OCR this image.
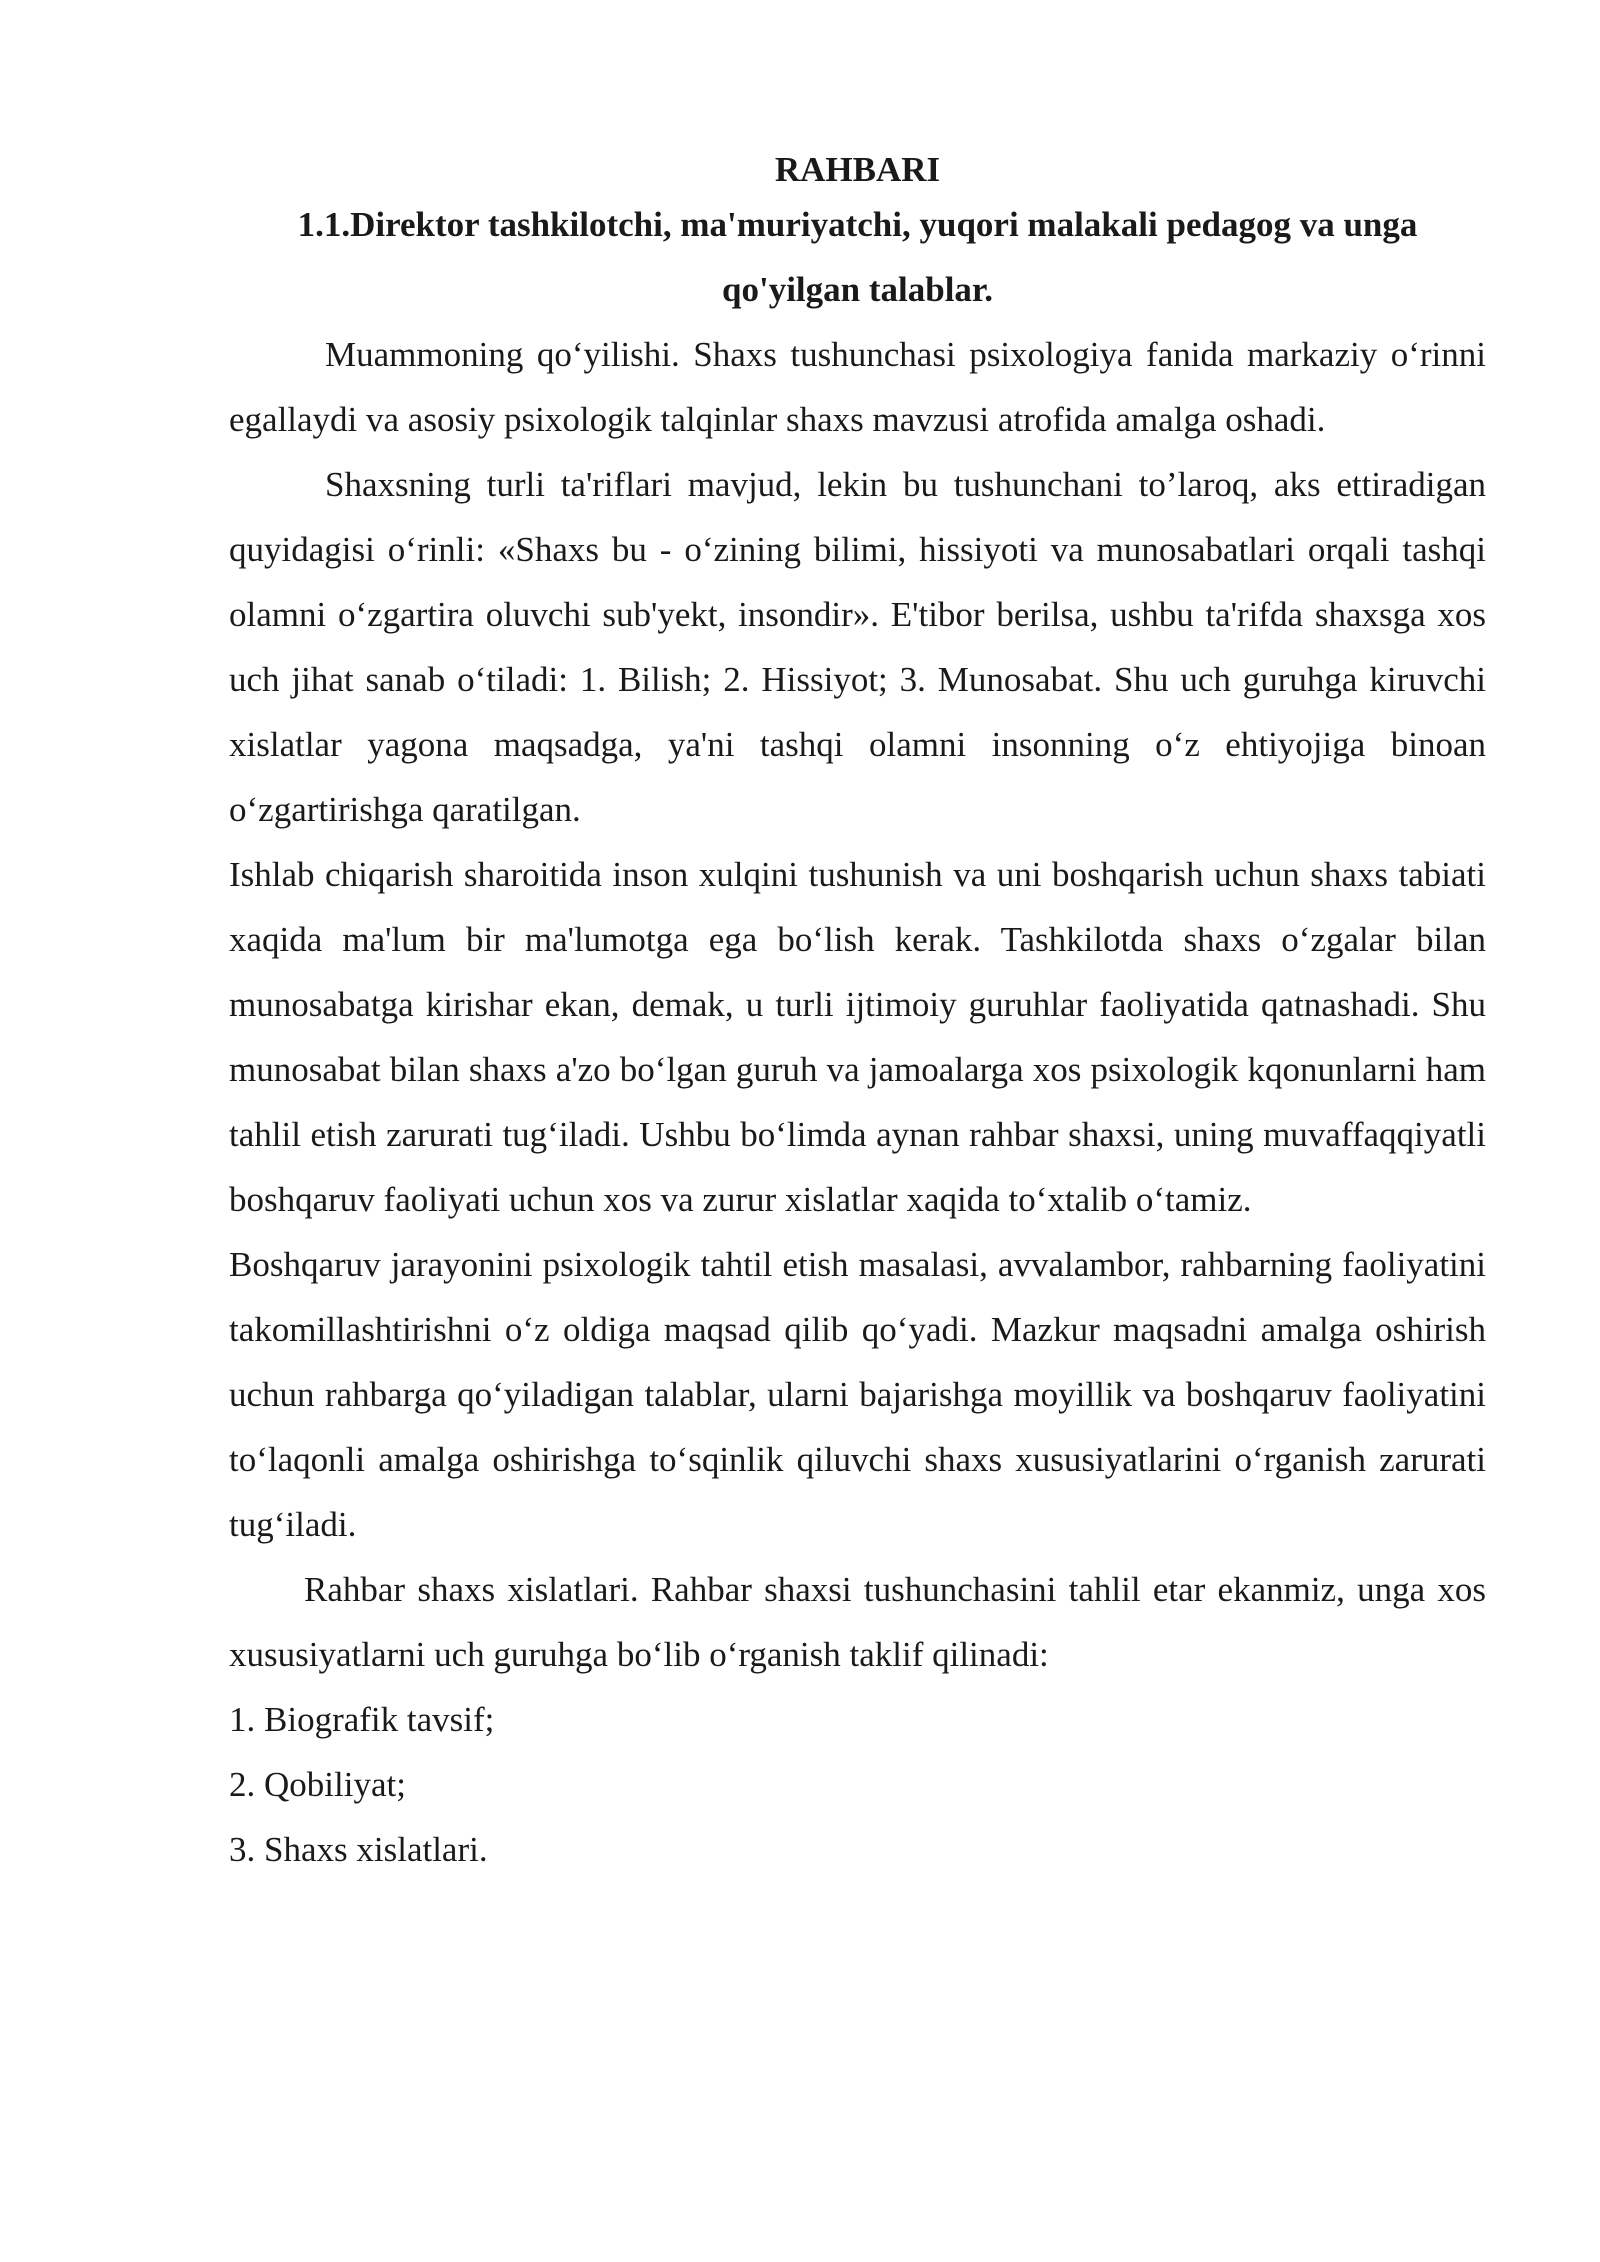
RAHBARI

1.1.Direktor tashkilotchi, ma'muriyatchi, yuqori malakali pedagog va unga qo'yilgan talablar.

Muammoning qo‘yilishi. Shaxs tushunchasi psixologiya fanida markaziy o‘rinni egallaydi va asosiy psixologik talqinlar shaxs mavzusi atrofida amalga oshadi.

Shaxsning turli ta'riflari mavjud, lekin bu tushunchani to’laroq, aks ettiradigan quyidagisi o‘rinli: «Shaxs bu - o‘zining bilimi, hissiyoti va munosabatlari orqali tashqi olamni o‘zgartira oluvchi sub'yekt, insondir». E'tibor berilsa, ushbu ta'rifda shaxsga xos uch jihat sanab o‘tiladi: 1. Bilish; 2. Hissiyot; 3. Munosabat. Shu uch guruhga kiruvchi xislatlar yagona maqsadga, ya'ni tashqi olamni insonning o‘z ehtiyojiga binoan o‘zgartirishga qaratilgan.

Ishlab chiqarish sharoitida inson xulqini tushunish va uni boshqarish uchun shaxs tabiati xaqida ma'lum bir ma'lumotga ega bo‘lish kerak. Tashkilotda shaxs o‘zgalar bilan munosabatga kirishar ekan, demak, u turli ijtimoiy guruhlar faoliyatida qatnashadi. Shu munosabat bilan shaxs a'zo bo‘lgan guruh va jamoalarga xos psixologik kqonunlarni ham tahlil etish zarurati tug‘iladi. Ushbu bo‘limda aynan rahbar shaxsi, uning muvaffaqqiyatli boshqaruv faoliyati uchun xos va zurur xislatlar xaqida to‘xtalib o‘tamiz.

Boshqaruv jarayonini psixologik tahtil etish masalasi, avvalambor, rahbarning faoliyatini takomillashtirishni o‘z oldiga maqsad qilib qo‘yadi. Mazkur maqsadni amalga oshirish uchun rahbarga qo‘yiladigan talablar, ularni bajarishga moyillik va boshqaruv faoliyatini to‘laqonli amalga oshirishga to‘sqinlik qiluvchi shaxs xususiyatlarini o‘rganish zarurati tug‘iladi.

Rahbar shaxs xislatlari. Rahbar shaxsi tushunchasini tahlil etar ekanmiz, unga xos xususiyatlarni uch guruhga bo‘lib o‘rganish taklif qilinadi:

1. Biografik tavsif;

2. Qobiliyat;

3. Shaxs xislatlari.
